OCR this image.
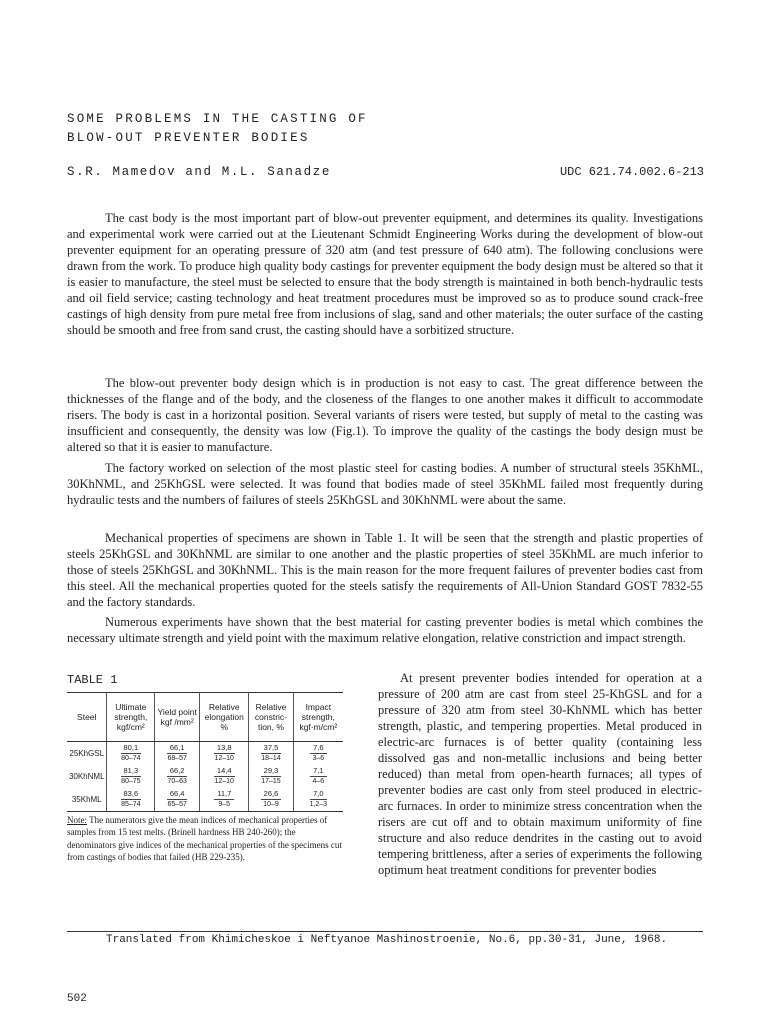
SOME PROBLEMS IN THE CASTING OF
BLOW-OUT PREVENTER BODIES
S.R. Mamedov and M.L. Sanadze	UDC 621.74.002.6-213

The cast body is the most important part of blow-out preventer equipment, and determines its quality. Investigations and experimental work were carried out at the Lieutenant Schmidt Engineering Works during the development of blow-out preventer equipment for an operating pressure of 320 atm (and test pressure of 640 atm). The following conclusions were drawn from the work. To produce high quality body castings for preventer equipment the body design must be altered so that it is easier to manufacture, the steel must be selected to ensure that the body strength is maintained in both bench-hydraulic tests and oil field service; casting technology and heat treatment procedures must be improved so as to produce sound crack-free castings of high density from pure metal free from inclusions of slag, sand and other materials; the outer surface of the casting should be smooth and free from sand crust, the casting should have a sorbitized structure.

The blow-out preventer body design which is in production is not easy to cast. The great difference between the thicknesses of the flange and of the body, and the closeness of the flanges to one another makes it difficult to accommodate risers. The body is cast in a horizontal position. Several variants of risers were tested, but supply of metal to the casting was insufficient and consequently, the density was low (Fig.1). To improve the quality of the castings the body design must be altered so that it is easier to manufacture.

The factory worked on selection of the most plastic steel for casting bodies. A number of structural steels 35KhML, 30KhNML, and 25KhGSL were selected. It was found that bodies made of steel 35KhML failed most frequently during hydraulic tests and the numbers of failures of steels 25KhGSL and 30KhNML were about the same.

Mechanical properties of specimens are shown in Table 1. It will be seen that the strength and plastic properties of steels 25KhGSL and 30KhNML are similar to one another and the plastic properties of steel 35KhML are much inferior to those of steels 25KhGSL and 30KhNML. This is the main reason for the more frequent failures of preventer bodies cast from this steel. All the mechanical properties quoted for the steels satisfy the requirements of All-Union Standard GOST 7832-55 and the factory standards.

Numerous experiments have shown that the best material for casting preventer bodies is metal which combines the necessary ultimate strength and yield point with the maximum relative elongation, relative constriction and impact strength.

TABLE 1
Steel	Ultimate strength, kgf/cm²	Yield point kgf /mm²	Relative elongation %	Relative constric-tion, %	Impact strength, kgf·m/cm²
25KhGSL	$\frac{80,1}{80-74}$	$\frac{66,1}{68-57}$	$\frac{13,8}{12-10}$	$\frac{37,5}{18-14}$	$\frac{7,6}{3-6}$

30KhNML	$\frac{81,3}{80-75}$	$\frac{66,2}{70-63}$	$\frac{14,4}{12-10}$	$\frac{29,3}{17-15}$	$\frac{7,1}{4-6}$

35KhML	$\frac{83,6}{85-74}$	$\frac{66,4}{65-57}$	$\frac{11,7}{9-5}$	$\frac{26,6}{10-9}$	$\frac{7,0}{1,2-3}$

Note: The numerators give the mean indices of mechanical properties of samples from 15 test melts. (Brinell hardness HB 240-260); the denominators give indices of the mechanical properties of the specimens cut from castings of bodies that failed (HB 229-235).

At present preventer bodies intended for operation at a pressure of 200 atm are cast from steel 25-KhGSL and for a pressure of 320 atm from steel 30-KhNML which has better strength, plastic, and tempering properties. Metal produced in electric-arc furnaces is of better quality (containing less dissolved gas and non-metallic inclusions and being better reduced) than metal from open-hearth furnaces; all types of preventer bodies are cast only from steel produced in electric-arc furnaces. In order to minimize stress concentration when the risers are cut off and to obtain maximum uniformity of fine structure and also reduce dendrites in the casting out to avoid tempering brittleness, after a series of experiments the following optimum heat treatment conditions for preventer bodies

Translated from Khimicheskoe i Neftyanoe Mashinostroenie, No.6, pp.30-31, June, 1968.
502
